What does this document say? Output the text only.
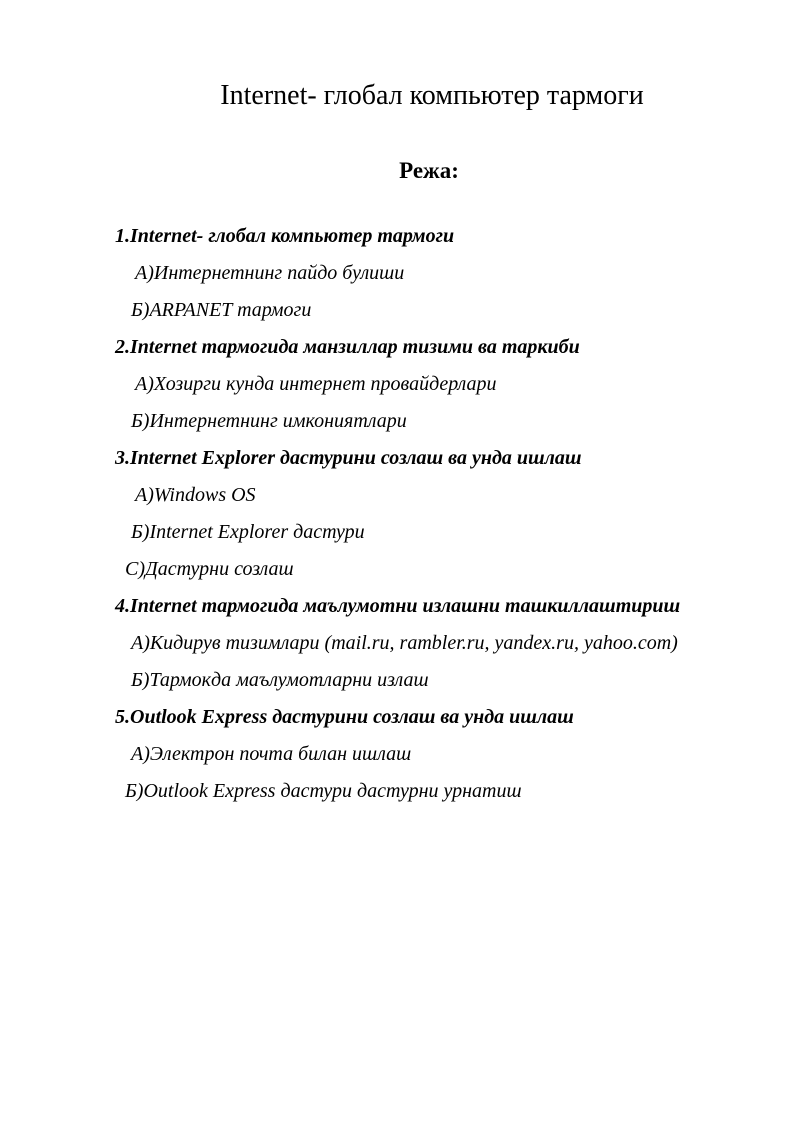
Internet- глобал компьютер тармоги
Режа:
1.Internet- глобал компьютер тармоги
А)Интернетнинг пайдо булиши
Б)ARPANET тармоги
2.Internet тармогида манзиллар тизими ва таркиби
А)Хозирги кунда интернет провайдерлари
Б)Интернетнинг имкониятлари
3.Internet Explorer дастурини созлаш ва унда ишлаш
А)Windows OS
Б)Internet Explorer дастури
С)Дастурни созлаш
4.Internet тармогида маълумотни излашни ташкиллаштириш
А)Кидирув тизимлари (mail.ru, rambler.ru, yandex.ru, yahoo.com)
Б)Тармокда маълумотларни излаш
5.Outlook Express дастурини созлаш ва унда ишлаш
А)Электрон почта билан ишлаш
Б)Outlook Express дастури дастурни урнатиш
